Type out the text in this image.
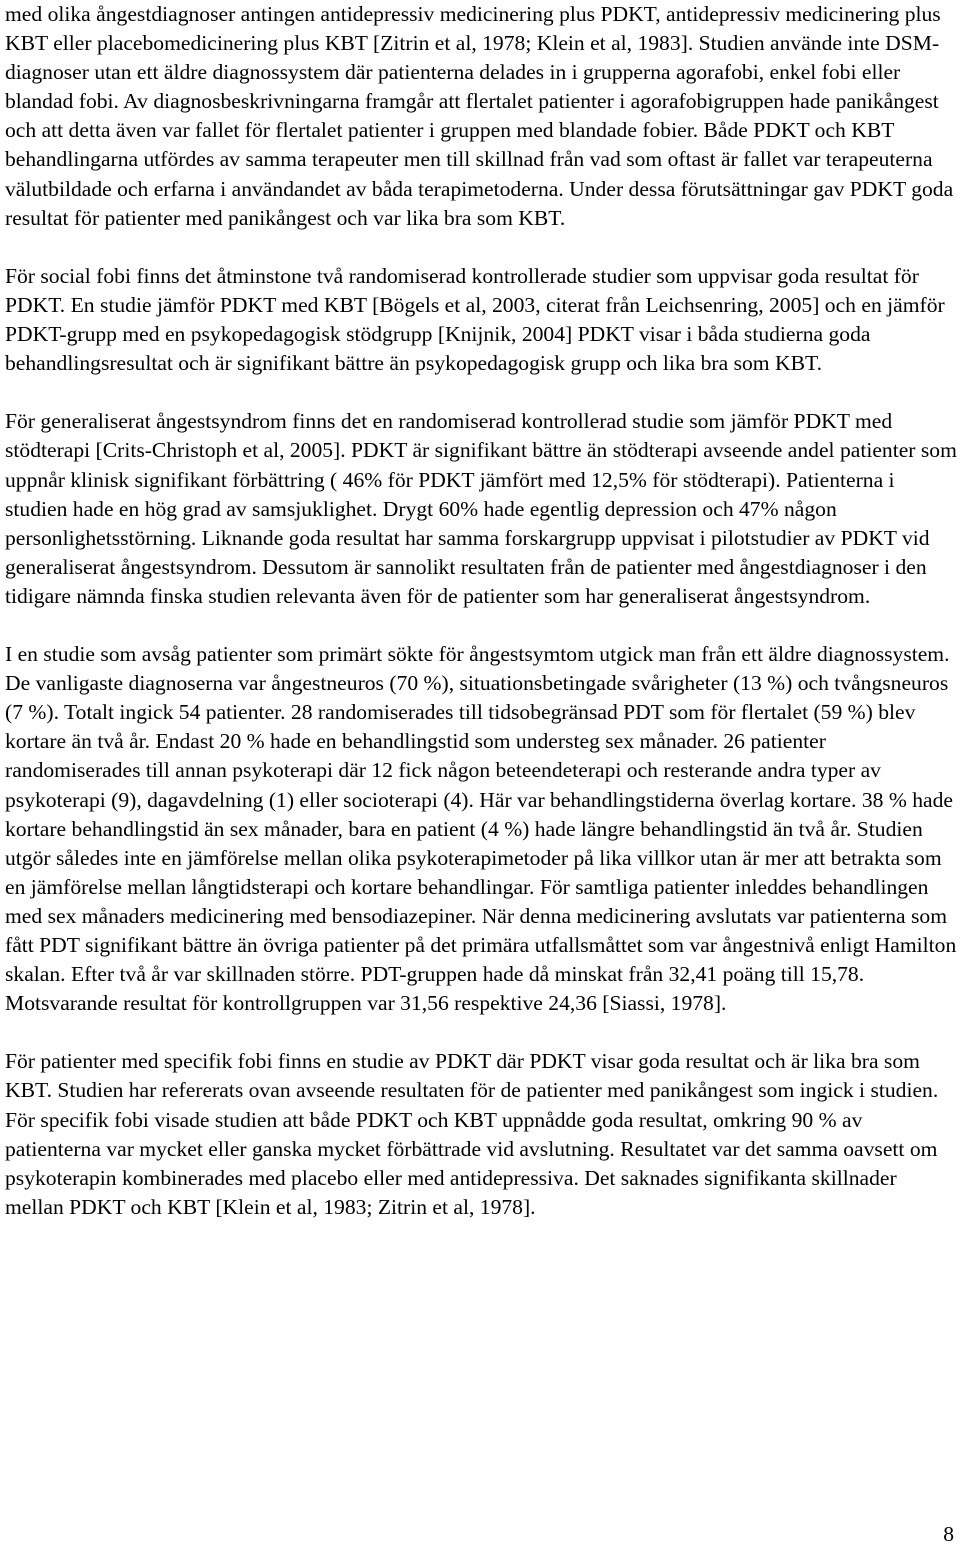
med olika ångestdiagnoser antingen antidepressiv medicinering plus PDKT, antidepressiv medicinering plus KBT eller placebomedicinering plus KBT [Zitrin et al, 1978; Klein et al, 1983]. Studien använde inte DSM-diagnoser utan ett äldre diagnossystem där patienterna delades in i grupperna agorafobi, enkel fobi eller blandad fobi. Av diagnosbeskrivningarna framgår att flertalet patienter i agorafobigruppen hade panikångest och att detta även var fallet för flertalet patienter i gruppen med blandade fobier. Både PDKT och KBT behandlingarna utfördes av samma terapeuter men till skillnad från vad som oftast är fallet var terapeuterna välutbildade och erfarna i användandet av båda terapimetoderna. Under dessa förutsättningar gav PDKT goda resultat för patienter med panikångest och var lika bra som KBT.

För social fobi finns det åtminstone två randomiserad kontrollerade studier som uppvisar goda resultat för PDKT. En studie jämför PDKT med KBT [Bögels et al, 2003, citerat från Leichsenring, 2005] och en jämför PDKT-grupp med en psykopedagogisk stödgrupp [Knijnik, 2004] PDKT visar i båda studierna goda behandlingsresultat och är signifikant bättre än psykopedagogisk grupp och lika bra som KBT.

För generaliserat ångestsyndrom finns det en randomiserad kontrollerad studie som jämför PDKT med stödterapi [Crits-Christoph et al, 2005]. PDKT är signifikant bättre än stödterapi avseende andel patienter som uppnår klinisk signifikant förbättring ( 46% för PDKT jämfört med 12,5% för stödterapi). Patienterna i studien hade en hög grad av samsjuklighet. Drygt 60% hade egentlig depression och 47% någon personlighetsstörning. Liknande goda resultat har samma forskargrupp uppvisat i pilotstudier av PDKT vid generaliserat ångestsyndrom. Dessutom är sannolikt resultaten från de patienter med ångestdiagnoser i den tidigare nämnda finska studien relevanta även för de patienter som har generaliserat ångestsyndrom.

I en studie som avsåg patienter som primärt sökte för ångestsymtom utgick man från ett äldre diagnossystem. De vanligaste diagnoserna var ångestneuros (70 %), situationsbetingade svårigheter (13 %) och tvångsneuros (7 %). Totalt ingick 54 patienter. 28 randomiserades till tidsobegränsad PDT som för flertalet (59 %) blev kortare än två år. Endast 20 % hade en behandlingstid som understeg sex månader. 26 patienter randomiserades till annan psykoterapi där 12 fick någon beteendeterapi och resterande andra typer av psykoterapi (9), dagavdelning (1) eller socioterapi (4). Här var behandlingstiderna överlag kortare. 38 % hade kortare behandlingstid än sex månader, bara en patient (4 %) hade längre behandlingstid än två år. Studien utgör således inte en jämförelse mellan olika psykoterapimetoder på lika villkor utan är mer att betrakta som en jämförelse mellan långtidsterapi och kortare behandlingar. För samtliga patienter inleddes behandlingen med sex månaders medicinering med bensodiazepiner. När denna medicinering avslutats var patienterna som fått PDT signifikant bättre än övriga patienter på det primära utfallsmåttet som var ångestnivå enligt Hamilton skalan. Efter två år var skillnaden större. PDT-gruppen hade då minskat från 32,41 poäng till 15,78. Motsvarande resultat för kontrollgruppen var 31,56 respektive 24,36 [Siassi, 1978].

För patienter med specifik fobi finns en studie av PDKT där PDKT visar goda resultat och är lika bra som KBT. Studien har refererats ovan avseende resultaten för de patienter med panikångest som ingick i studien. För specifik fobi visade studien att både PDKT och KBT uppnådde goda resultat, omkring 90 % av patienterna var mycket eller ganska mycket förbättrade vid avslutning. Resultatet var det samma oavsett om psykoterapin kombinerades med placebo eller med antidepressiva. Det saknades signifikanta skillnader mellan PDKT och KBT [Klein et al, 1983; Zitrin et al, 1978].

8
